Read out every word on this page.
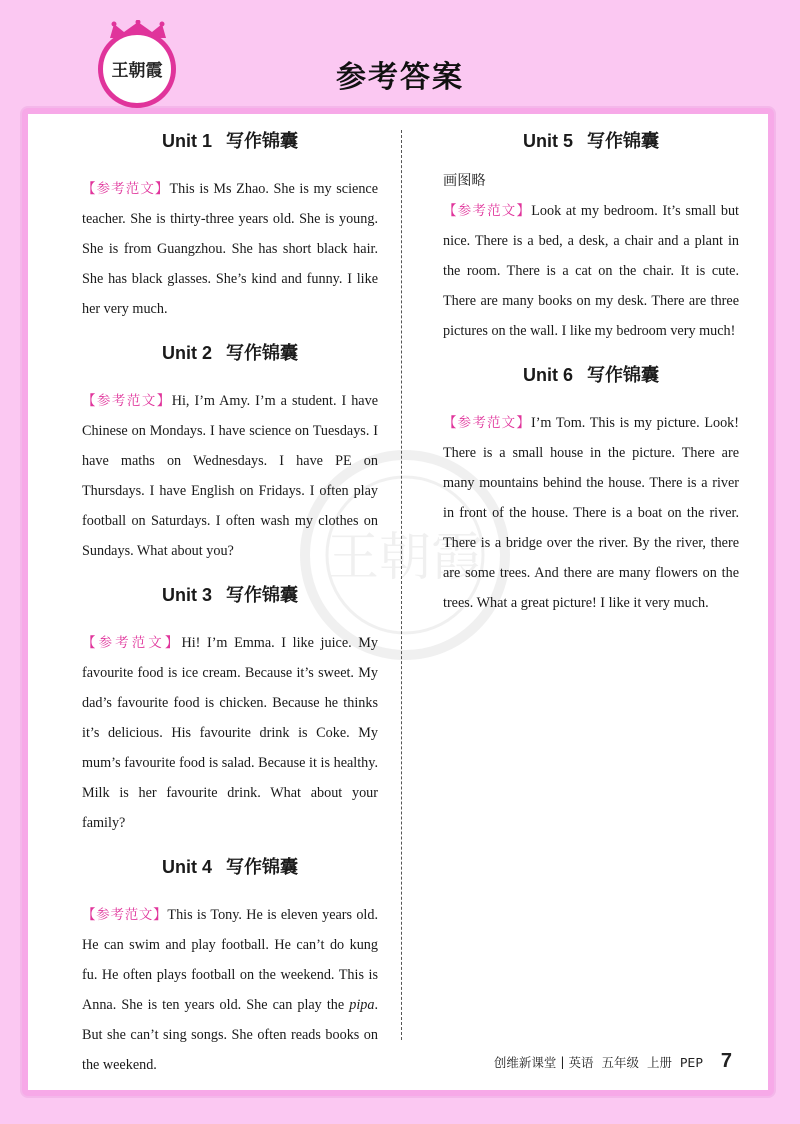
王朝霞	参考答案
王朝霞
Unit 1 写作锦囊

【参考范文】This is Ms Zhao. She is my science teacher. She is thirty-three years old. She is young. She is from Guangzhou. She has short black hair. She has black glasses. She’s kind and funny. I like her very much.

Unit 2 写作锦囊

【参考范文】Hi, I’m Amy. I’m a student. I have Chinese on Mondays. I have science on Tuesdays. I have maths on Wednesdays. I have PE on Thursdays. I have English on Fridays. I often play football on Saturdays. I often wash my clothes on Sundays. What about you?

Unit 3 写作锦囊

【参考范文】Hi! I’m Emma. I like juice. My favourite food is ice cream. Because it’s sweet. My dad’s favourite food is chicken. Because he thinks it’s delicious. His favourite drink is Coke. My mum’s favourite food is salad. Because it is healthy. Milk is her favourite drink. What about your family?

Unit 4 写作锦囊

【参考范文】This is Tony. He is eleven years old. He can swim and play football. He can’t do kung fu. He often plays football on the weekend. This is Anna. She is ten years old. She can play the pipa. But she can’t sing songs. She often reads books on the weekend.

Unit 5 写作锦囊

画图略

【参考范文】Look at my bedroom. It’s small but nice. There is a bed, a desk, a chair and a plant in the room. There is a cat on the chair. It is cute. There are many books on my desk. There are three pictures on the wall. I like my bedroom very much!

Unit 6 写作锦囊

【参考范文】I’m Tom. This is my picture. Look! There is a small house in the picture. There are many mountains behind the house. There is a river in front of the house. There is a boat on the river. There is a bridge over the river. By the river, there are some trees. And there are many flowers on the trees. What a great picture! I like it very much.

创维新课堂 | 英语  五年级  上册  PEP 7
